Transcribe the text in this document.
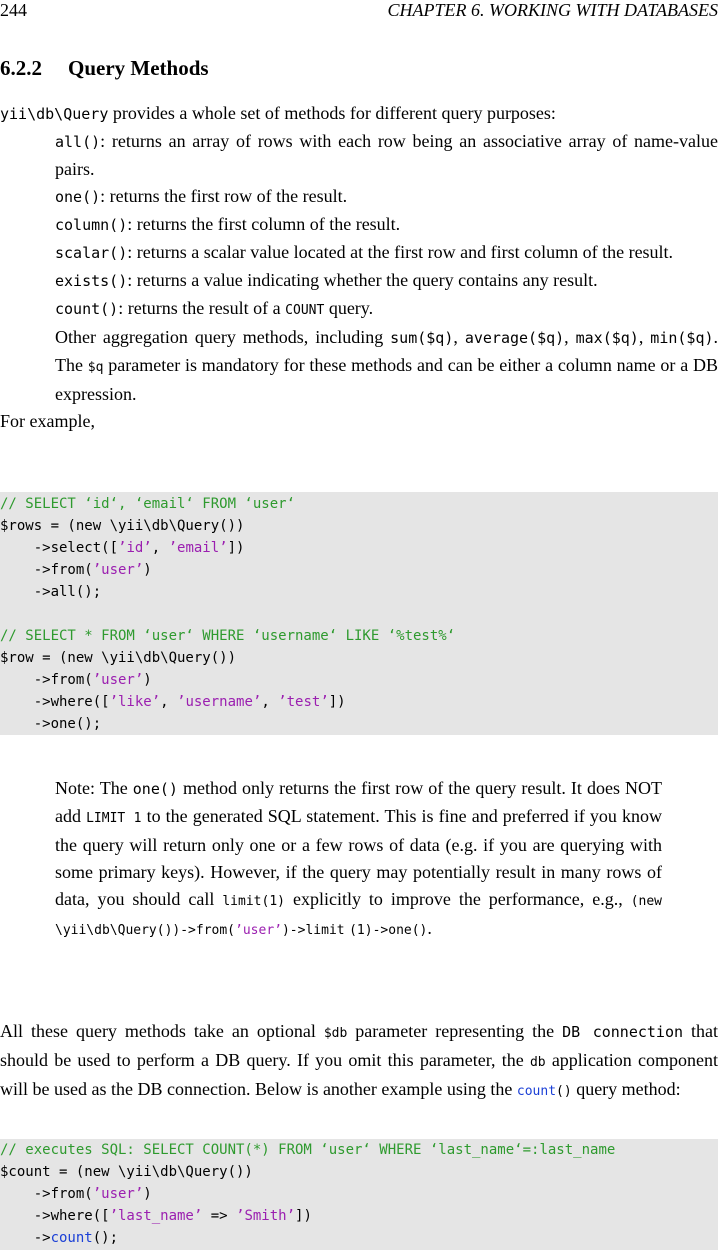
244	CHAPTER 6. WORKING WITH DATABASES
6.2.2 Query Methods
yii\db\Query provides a whole set of methods for different query purposes:
all(): returns an array of rows with each row being an associative array of name-value pairs.
one(): returns the first row of the result.
column(): returns the first column of the result.
scalar(): returns a scalar value located at the first row and first column of the result.
exists(): returns a value indicating whether the query contains any result.
count(): returns the result of a COUNT query.
Other aggregation query methods, including sum($q), average($q), max($q), min($q). The $q parameter is mandatory for these methods and can be either a column name or a DB expression.
For example,
// SELECT ‘id‘, ‘email‘ FROM ‘user‘
$rows = (new \yii\db\Query())
->select([’id’, ’email’])
->from(’user’)
->all();
// SELECT * FROM ‘user‘ WHERE ‘username‘ LIKE ‘%test%‘
$row = (new \yii\db\Query())
->from(’user’)
->where([’like’, ’username’, ’test’])
->one();
Note: The one() method only returns the first row of the query result. It does NOT add LIMIT 1 to the generated SQL statement. This is fine and preferred if you know the query will return only one or a few rows of data (e.g. if you are querying with some primary keys). However, if the query may potentially result in many rows of data, you should call limit(1) explicitly to improve the performance, e.g., (new \yii\db\Query())->from(’user’)->limit (1)->one().
All these query methods take an optional $db parameter representing the DB connection that should be used to perform a DB query. If you omit this parameter, the db application component will be used as the DB connection. Below is another example using the count() query method:
// executes SQL: SELECT COUNT(*) FROM ‘user‘ WHERE ‘last_name‘=:last_name
$count = (new \yii\db\Query())
->from(’user’)
->where([’last_name’ => ’Smith’])
->count();
